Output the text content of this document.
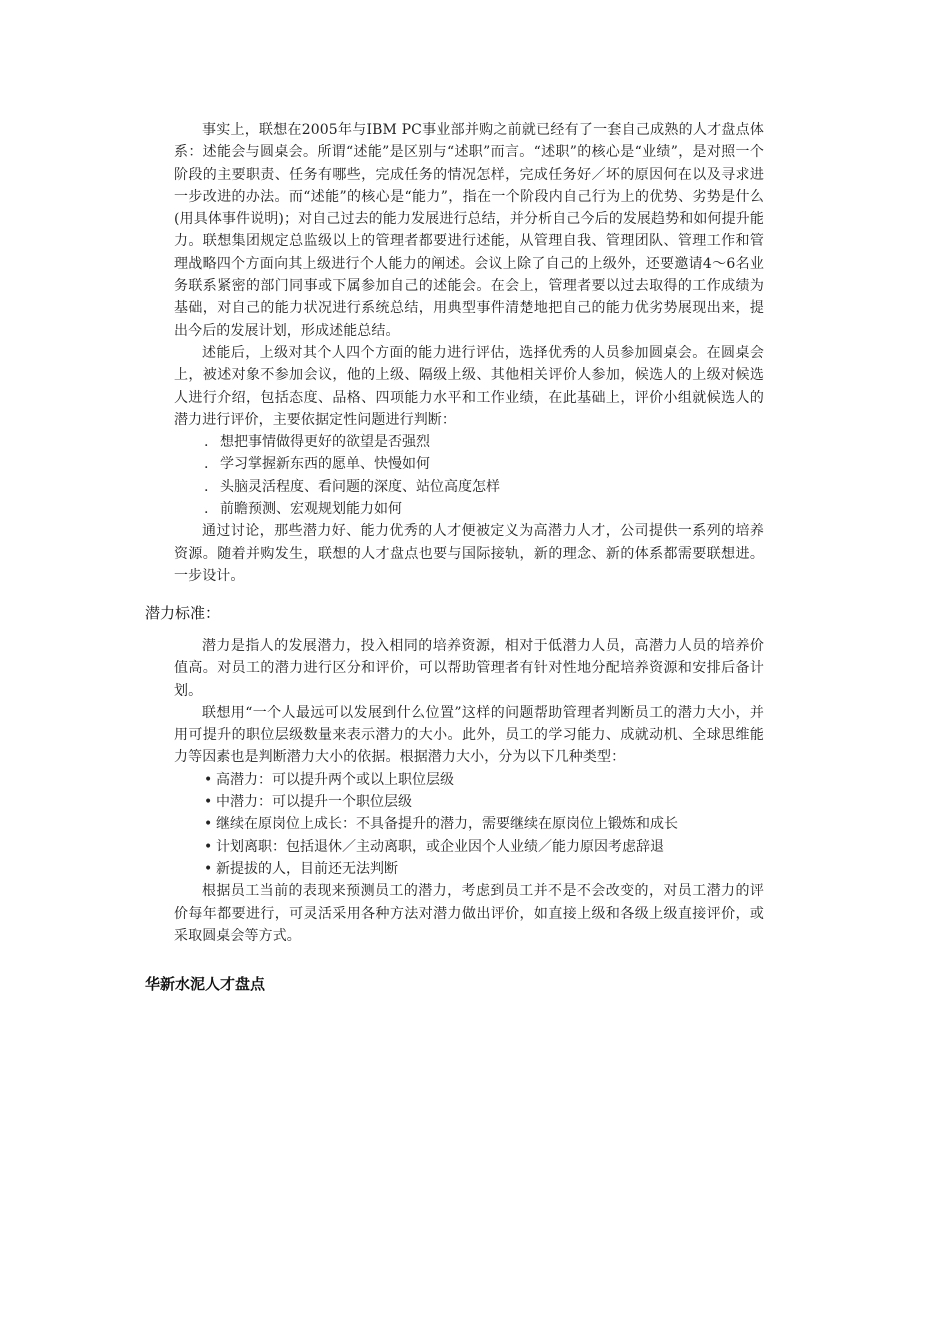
事实上，联想在2005年与IBM PC事业部并购之前就已经有了一套自己成熟的人才盘点体系：述能会与圆桌会。所谓“述能”是区别与“述职”而言。“述职”的核心是“业绩”，是对照一个阶段的主要职责、任务有哪些，完成任务的情况怎样，完成任务好／坏的原因何在以及寻求进一步改进的办法。而“述能”的核心是“能力”，指在一个阶段内自己行为上的优势、劣势是什么(用具体事件说明)；对自己过去的能力发展进行总结，并分析自己今后的发展趋势和如何提升能力。联想集团规定总监级以上的管理者都要进行述能，从管理自我、管理团队、管理工作和管理战略四个方面向其上级进行个人能力的阐述。会议上除了自己的上级外，还要邀请4～6名业务联系紧密的部门同事或下属参加自己的述能会。在会上，管理者要以过去取得的工作成绩为基础，对自己的能力状况进行系统总结，用典型事件清楚地把自己的能力优劣势展现出来，提出今后的发展计划，形成述能总结。

述能后，上级对其个人四个方面的能力进行评估，选择优秀的人员参加圆桌会。在圆桌会上，被述对象不参加会议，他的上级、隔级上级、其他相关评价人参加，候选人的上级对候选人进行介绍，包括态度、品格、四项能力水平和工作业绩，在此基础上，评价小组就候选人的潜力进行评价，主要依据定性问题进行判断：

. 想把事情做得更好的欲望是否强烈
. 学习掌握新东西的愿单、快慢如何
. 头脑灵活程度、看问题的深度、站位高度怎样
. 前瞻预测、宏观规划能力如何

通过讨论，那些潜力好、能力优秀的人才便被定义为高潜力人才，公司提供一系列的培养资源。随着并购发生，联想的人才盘点也要与国际接轨，新的理念、新的体系都需要联想进。一步设计。

潜力标准：

潜力是指人的发展潜力，投入相同的培养资源，相对于低潜力人员，高潜力人员的培养价值高。对员工的潜力进行区分和评价，可以帮助管理者有针对性地分配培养资源和安排后备计划。

联想用“一个人最远可以发展到什么位置”这样的问题帮助管理者判断员工的潜力大小，并用可提升的职位层级数量来表示潜力的大小。此外，员工的学习能力、成就动机、全球思维能力等因素也是判断潜力大小的依据。根据潜力大小，分为以下几种类型：

• 高潜力：可以提升两个或以上职位层级
• 中潜力：可以提升一个职位层级
• 继续在原岗位上成长：不具备提升的潜力，需要继续在原岗位上锻炼和成长
• 计划离职：包括退休／主动离职，或企业因个人业绩／能力原因考虑辞退
• 新提拔的人，目前还无法判断

根据员工当前的表现来预测员工的潜力，考虑到员工并不是不会改变的，对员工潜力的评价每年都要进行，可灵活采用各种方法对潜力做出评价，如直接上级和各级上级直接评价，或采取圆桌会等方式。

华新水泥人才盘点
